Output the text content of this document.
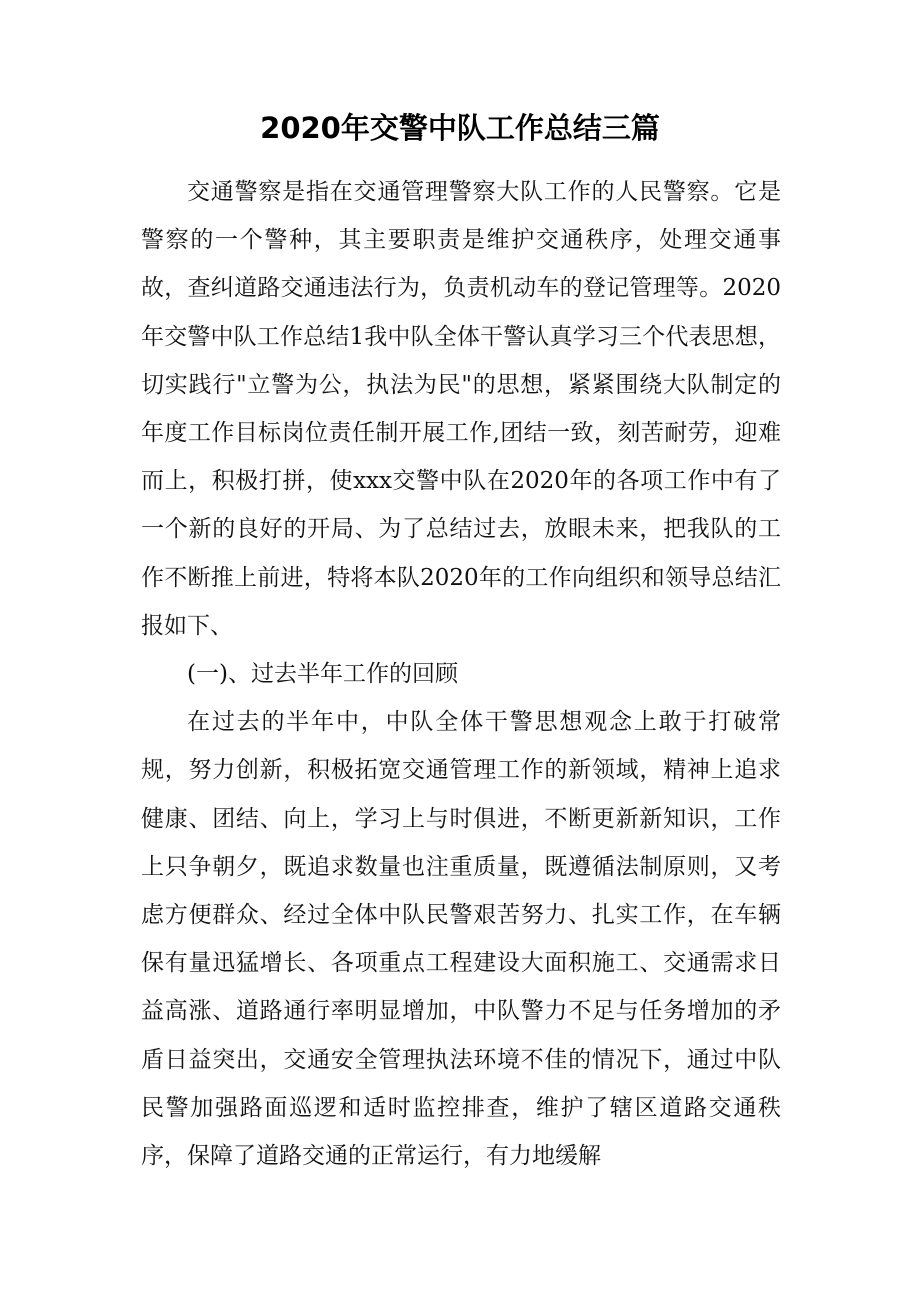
2020年交警中队工作总结三篇

交通警察是指在交通管理警察大队工作的人民警察。它是警察的一个警种，其主要职责是维护交通秩序，处理交通事故，查纠道路交通违法行为，负责机动车的登记管理等。2020年交警中队工作总结1我中队全体干警认真学习三个代表思想，切实践行"立警为公，执法为民"的思想，紧紧围绕大队制定的年度工作目标岗位责任制开展工作,团结一致，刻苦耐劳，迎难而上，积极打拼，使xxx交警中队在2020年的各项工作中有了一个新的良好的开局、为了总结过去，放眼未来，把我队的工作不断推上前进，特将本队2020年的工作向组织和领导总结汇报如下、

(一)、过去半年工作的回顾

在过去的半年中，中队全体干警思想观念上敢于打破常规，努力创新，积极拓宽交通管理工作的新领域，精神上追求健康、团结、向上，学习上与时俱进，不断更新新知识，工作上只争朝夕，既追求数量也注重质量，既遵循法制原则，又考虑方便群众、经过全体中队民警艰苦努力、扎实工作，在车辆保有量迅猛增长、各项重点工程建设大面积施工、交通需求日益高涨、道路通行率明显增加，中队警力不足与任务增加的矛盾日益突出，交通安全管理执法环境不佳的情况下，通过中队民警加强路面巡逻和适时监控排查，维护了辖区道路交通秩序，保障了道路交通的正常运行，有力地缓解
